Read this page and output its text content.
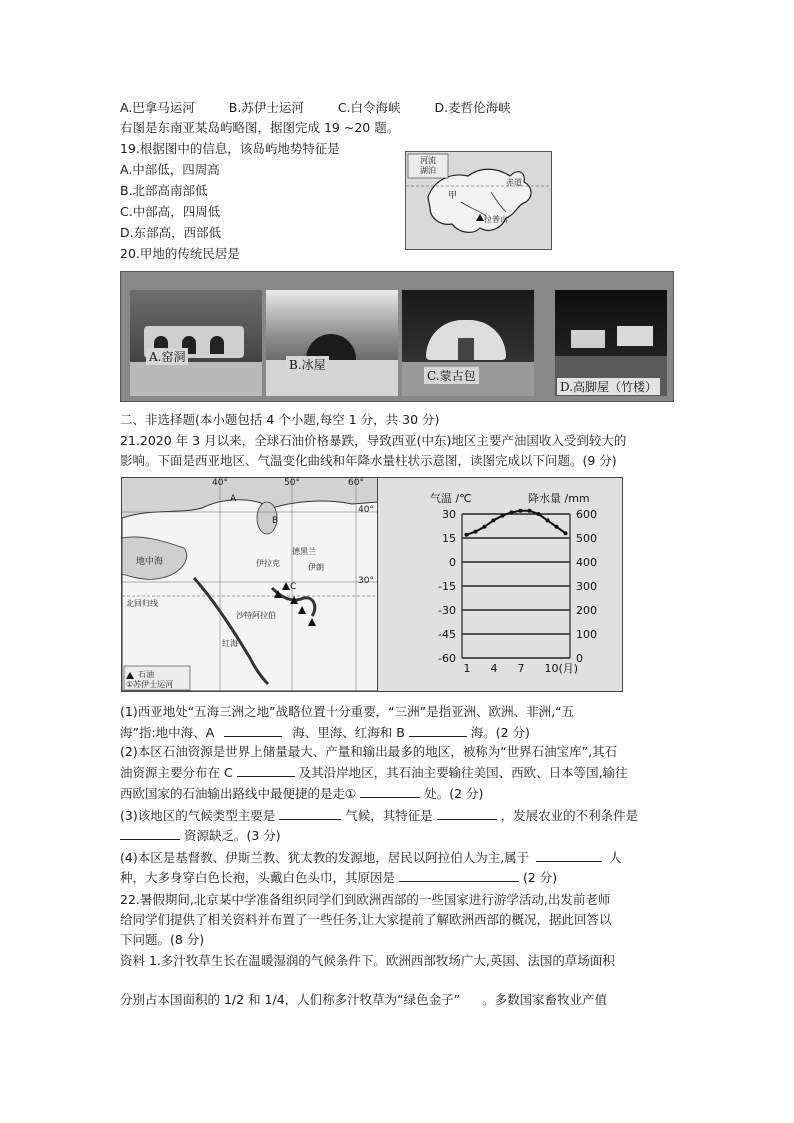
A.巴拿马运河	B.苏伊士运河	C.白令海峡	D.麦哲伦海峡
右图是东南亚某岛屿略图，据图完成 19 ~20 题。
19.根据图中的信息，该岛屿地势特征是
A.中部低，四周高
B.北部高南部低
C.中部高，四周低
D.东部高，西部低
20.甲地的传统民居是
河流
湖泊
甲
赤道
拉普山
A.窑洞
B.冰屋
C.蒙古包
D.高脚屋（竹楼）
二、非选择题(本小题包括 4 个小题,每空 1 分，共 30 分)
21.2020 年 3 月以来，全球石油价格暴跌，导致西亚(中东)地区主要产油国收入受到较大的
影响。下面是西亚地区、气温变化曲线和年降水量柱状示意图，读图完成以下问题。(9 分)
40°	50°	60°
40°
30°
A
B
C
地中海
德黑兰
伊朗
伊拉克
北回归线
沙特阿拉伯
红海
石油
①苏伊士运河
气温 /℃	降水量 /mm
30	600
15	500
0	400
-15	300
-30	200
-45	100
-60	0
1 4 7 10(月)
(1)西亚地处“五海三洲之地”战略位置十分重要，“三洲”是指亚洲、欧洲、非洲,“五
海”指:地中海、A	海、里海、红海和 B	海。(2 分)
(2)本区石油资源是世界上储量最大、产量和输出最多的地区，被称为“世界石油宝库”,其石
油资源主要分布在 C	及其沿岸地区，其石油主要输往美国、西欧、日本等国,输往
西欧国家的石油输出路线中最便捷的是走①	处。(2 分)
(3)该地区的气候类型主要是	气候，其特征是	，发展农业的不利条件是
资源缺乏。(3 分)
(4)本区是基督教、伊斯兰教、犹太教的发源地，居民以阿拉伯人为主,属于	人
种，大多身穿白色长袍，头戴白色头巾，其原因是	(2 分)
22.暑假期间,北京某中学准备组织同学们到欧洲西部的一些国家进行游学活动,出发前老师
给同学们提供了相关资料并布置了一些任务,让大家提前了解欧洲西部的概况，据此回答以
下问题。(8 分)
资料 1.多汁牧草生长在温暖湿润的气候条件下。欧洲西部牧场广大,英国、法国的草场面积
分别占本国面积的 1/2 和 1/4，人们称多汁牧草为“绿色金子” 。多数国家畜牧业产值
